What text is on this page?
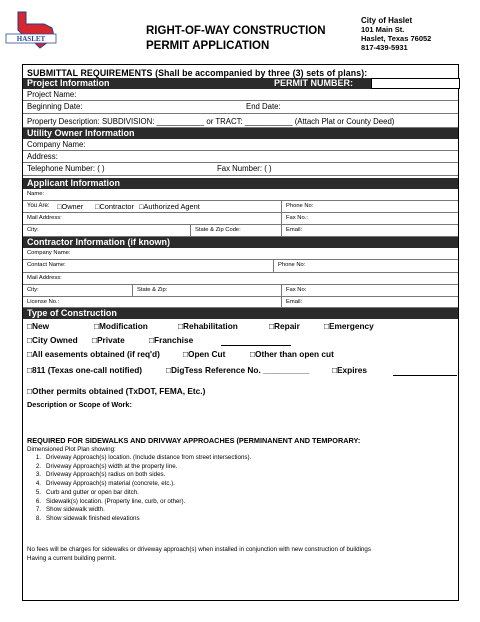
HASLET
RIGHT-OF-WAY CONSTRUCTION
PERMIT APPLICATION
City of Haslet
101 Main St.
Haslet, Texas 76052
817-439-5931
SUBMITTAL REQUIREMENTS (Shall be accompanied by three (3) sets of plans):
Project Information	PERMIT NUMBER:
Project Name:
Beginning Date:	End Date:
Property Description: SUBDIVISION: ___________ or TRACT: ___________ (Attach Plat or County Deed)
Utility Owner Information
Company Name:
Address:
Telephone Number: ( )	Fax Number: ( )
Applicant Information
Name:
You Are: □Owner □Contractor □Authorized Agent	Phone No:
Mail Address:	Fax No.:
City:	State & Zip Code:	Email:
Contractor Information (if known)
Company Name:
Contact Name:	Phone No:
Mail Address:
City:	State & Zip:	Fax No:
License No.:	Email:
Type of Construction
□New	□Modification	□Rehabilitation	□Repair	□Emergency
□City Owned □Private	□Franchise
□All easements obtained (if req'd)	□Open Cut	□Other than open cut
□811 (Texas one-call notified)	□DigTess Reference No. __________	□Expires
□Other permits obtained (TxDOT, FEMA, Etc.)
Description or Scope of Work:
REQUIRED FOR SIDEWALKS AND DRIVWAY APPROACHES (PERMINANENT AND TEMPORARY:
Dimensioned Plot Plan showing:
1. Driveway Approach(s) location. (Include distance from street intersections).
2. Driveway Approach(s) width at the property line.
3. Driveway Approach(s) radius on both sides.
4. Driveway Approach(s) material (concrete, etc.).
5. Curb and gutter or open bar ditch.
6. Sidewalk(s) location. (Property line, curb, or other).
7. Show sidewalk width.
8. Show sidewalk finished elevations
No fees will be charges for sidewalks or driveway approach(s) when installed in conjunction with new construction of buildings
Having a current building permit.
